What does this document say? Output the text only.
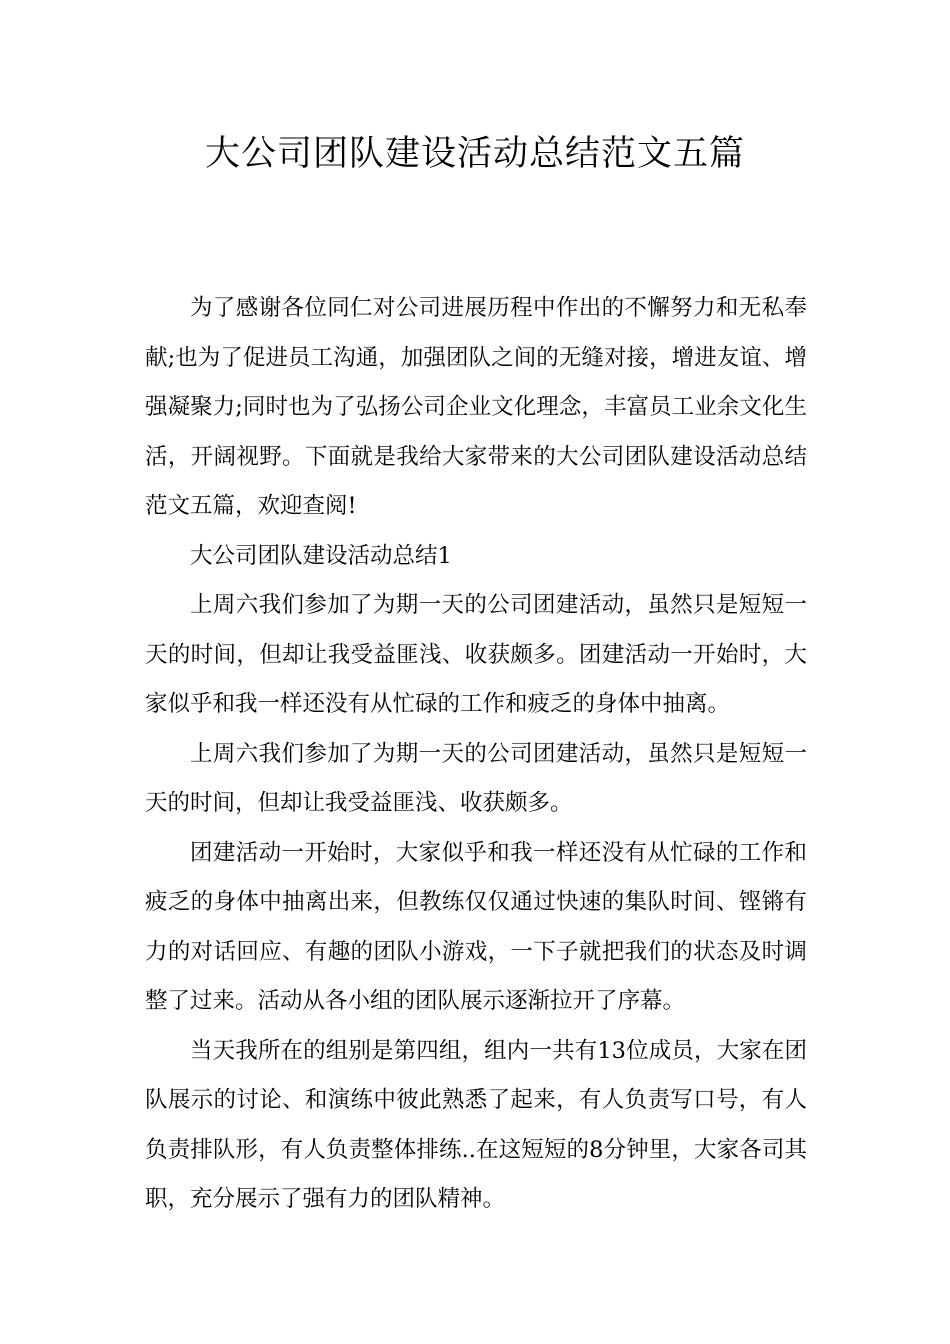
大公司团队建设活动总结范文五篇

为了感谢各位同仁对公司进展历程中作出的不懈努力和无私奉献;也为了促进员工沟通，加强团队之间的无缝对接，增进友谊、增强凝聚力;同时也为了弘扬公司企业文化理念，丰富员工业余文化生活，开阔视野。下面就是我给大家带来的大公司团队建设活动总结范文五篇，欢迎查阅!

大公司团队建设活动总结1

上周六我们参加了为期一天的公司团建活动，虽然只是短短一天的时间，但却让我受益匪浅、收获颇多。团建活动一开始时，大家似乎和我一样还没有从忙碌的工作和疲乏的身体中抽离。

上周六我们参加了为期一天的公司团建活动，虽然只是短短一天的时间，但却让我受益匪浅、收获颇多。

团建活动一开始时，大家似乎和我一样还没有从忙碌的工作和疲乏的身体中抽离出来，但教练仅仅通过快速的集队时间、铿锵有力的对话回应、有趣的团队小游戏，一下子就把我们的状态及时调整了过来。活动从各小组的团队展示逐渐拉开了序幕。

当天我所在的组别是第四组，组内一共有13位成员，大家在团队展示的讨论、和演练中彼此熟悉了起来，有人负责写口号，有人负责排队形，有人负责整体排练..在这短短的8分钟里，大家各司其职，充分展示了强有力的团队精神。
